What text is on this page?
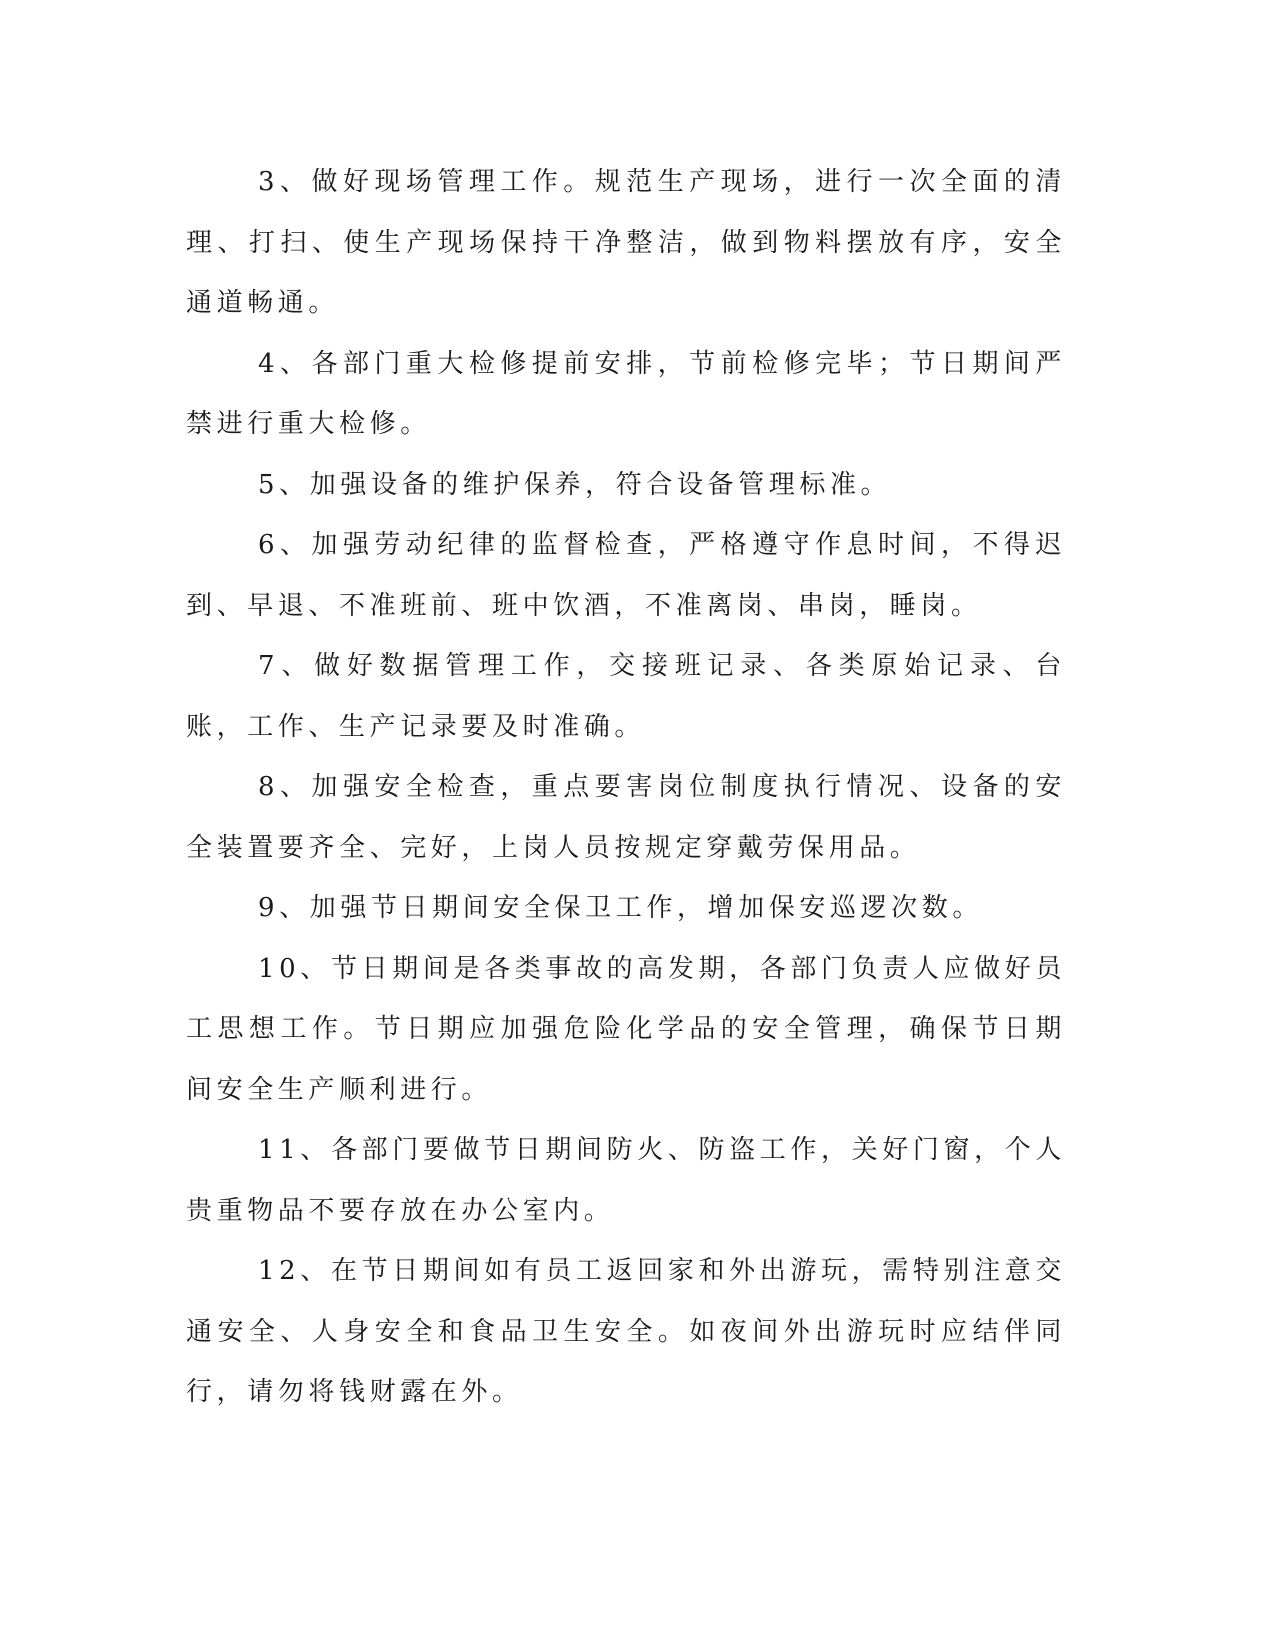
3、做好现场管理工作。规范生产现场，进行一次全面的清理、打扫、使生产现场保持干净整洁，做到物料摆放有序，安全通道畅通。

4、各部门重大检修提前安排，节前检修完毕；节日期间严禁进行重大检修。

5、加强设备的维护保养，符合设备管理标准。

6、加强劳动纪律的监督检查，严格遵守作息时间，不得迟到、早退、不准班前、班中饮酒，不准离岗、串岗，睡岗。

7、做好数据管理工作，交接班记录、各类原始记录、台账，工作、生产记录要及时准确。

8、加强安全检查，重点要害岗位制度执行情况、设备的安全装置要齐全、完好，上岗人员按规定穿戴劳保用品。

9、加强节日期间安全保卫工作，增加保安巡逻次数。

10、节日期间是各类事故的高发期，各部门负责人应做好员工思想工作。节日期应加强危险化学品的安全管理，确保节日期间安全生产顺利进行。

11、各部门要做节日期间防火、防盗工作，关好门窗，个人贵重物品不要存放在办公室内。

12、在节日期间如有员工返回家和外出游玩，需特别注意交通安全、人身安全和食品卫生安全。如夜间外出游玩时应结伴同行，请勿将钱财露在外。
